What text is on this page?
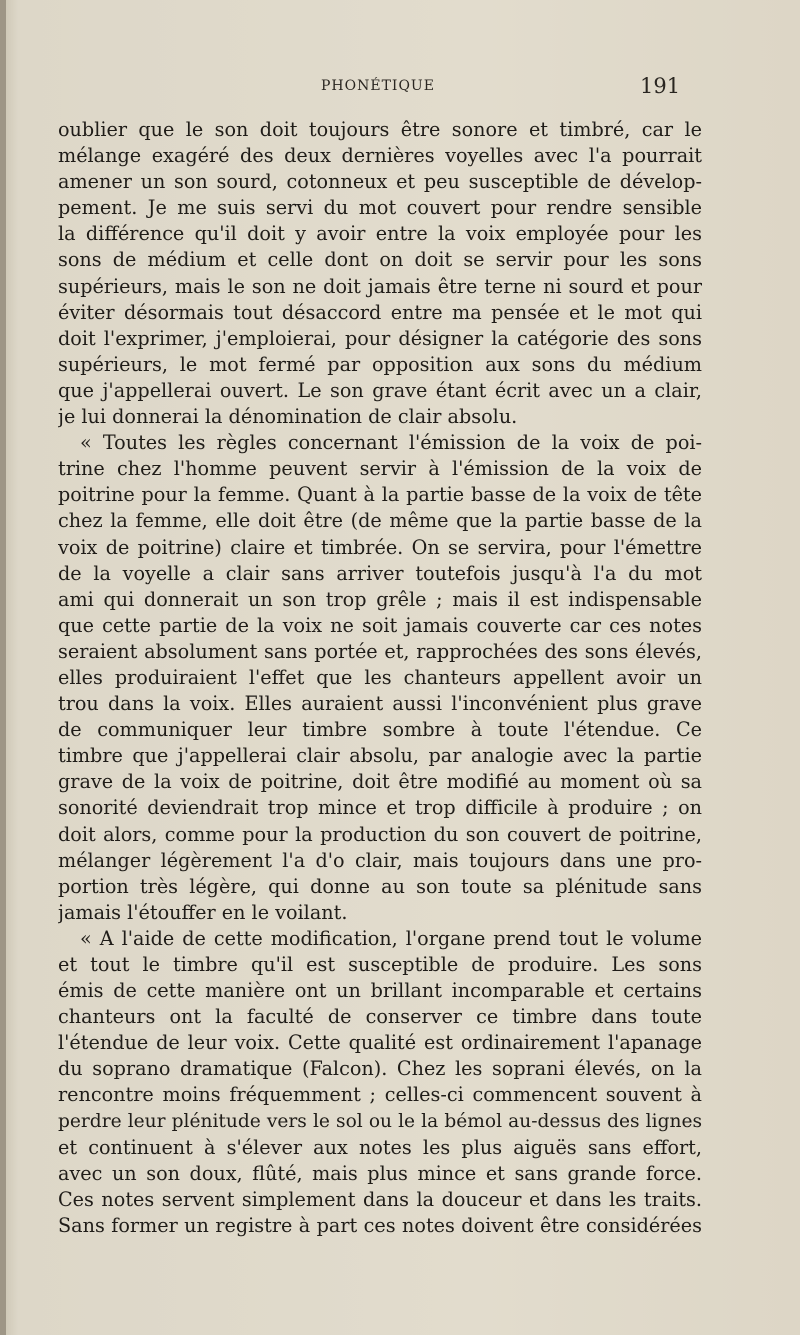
PHONÉTIQUE	191
oublier que le son doit toujours être sonore et timbré, car le
mélange exagéré des deux dernières voyelles avec l'a pourrait
amener un son sourd, cotonneux et peu susceptible de dévelop-
pement. Je me suis servi du mot couvert pour rendre sensible
la différence qu'il doit y avoir entre la voix employée pour les
sons de médium et celle dont on doit se servir pour les sons
supérieurs, mais le son ne doit jamais être terne ni sourd et pour
éviter désormais tout désaccord entre ma pensée et le mot qui
doit l'exprimer, j'emploierai, pour désigner la catégorie des sons
supérieurs, le mot fermé par opposition aux sons du médium
que j'appellerai ouvert. Le son grave étant écrit avec un a clair,
je lui donnerai la dénomination de clair absolu.
« Toutes les règles concernant l'émission de la voix de poi-
trine chez l'homme peuvent servir à l'émission de la voix de
poitrine pour la femme. Quant à la partie basse de la voix de tête
chez la femme, elle doit être (de même que la partie basse de la
voix de poitrine) claire et timbrée. On se servira, pour l'émettre
de la voyelle a clair sans arriver toutefois jusqu'à l'a du mot
ami qui donnerait un son trop grêle ; mais il est indispensable
que cette partie de la voix ne soit jamais couverte car ces notes
seraient absolument sans portée et, rapprochées des sons élevés,
elles produiraient l'effet que les chanteurs appellent avoir un
trou dans la voix. Elles auraient aussi l'inconvénient plus grave
de communiquer leur timbre sombre à toute l'étendue. Ce
timbre que j'appellerai clair absolu, par analogie avec la partie
grave de la voix de poitrine, doit être modifié au moment où sa
sonorité deviendrait trop mince et trop difficile à produire ; on
doit alors, comme pour la production du son couvert de poitrine,
mélanger légèrement l'a d'o clair, mais toujours dans une pro-
portion très légère, qui donne au son toute sa plénitude sans
jamais l'étouffer en le voilant.
« A l'aide de cette modification, l'organe prend tout le volume
et tout le timbre qu'il est susceptible de produire. Les sons
émis de cette manière ont un brillant incomparable et certains
chanteurs ont la faculté de conserver ce timbre dans toute
l'étendue de leur voix. Cette qualité est ordinairement l'apanage
du soprano dramatique (Falcon). Chez les soprani élevés, on la
rencontre moins fréquemment ; celles-ci commencent souvent à
perdre leur plénitude vers le sol ou le la bémol au-dessus des lignes
et continuent à s'élever aux notes les plus aiguës sans effort,
avec un son doux, flûté, mais plus mince et sans grande force.
Ces notes servent simplement dans la douceur et dans les traits.
Sans former un registre à part ces notes doivent être considérées
